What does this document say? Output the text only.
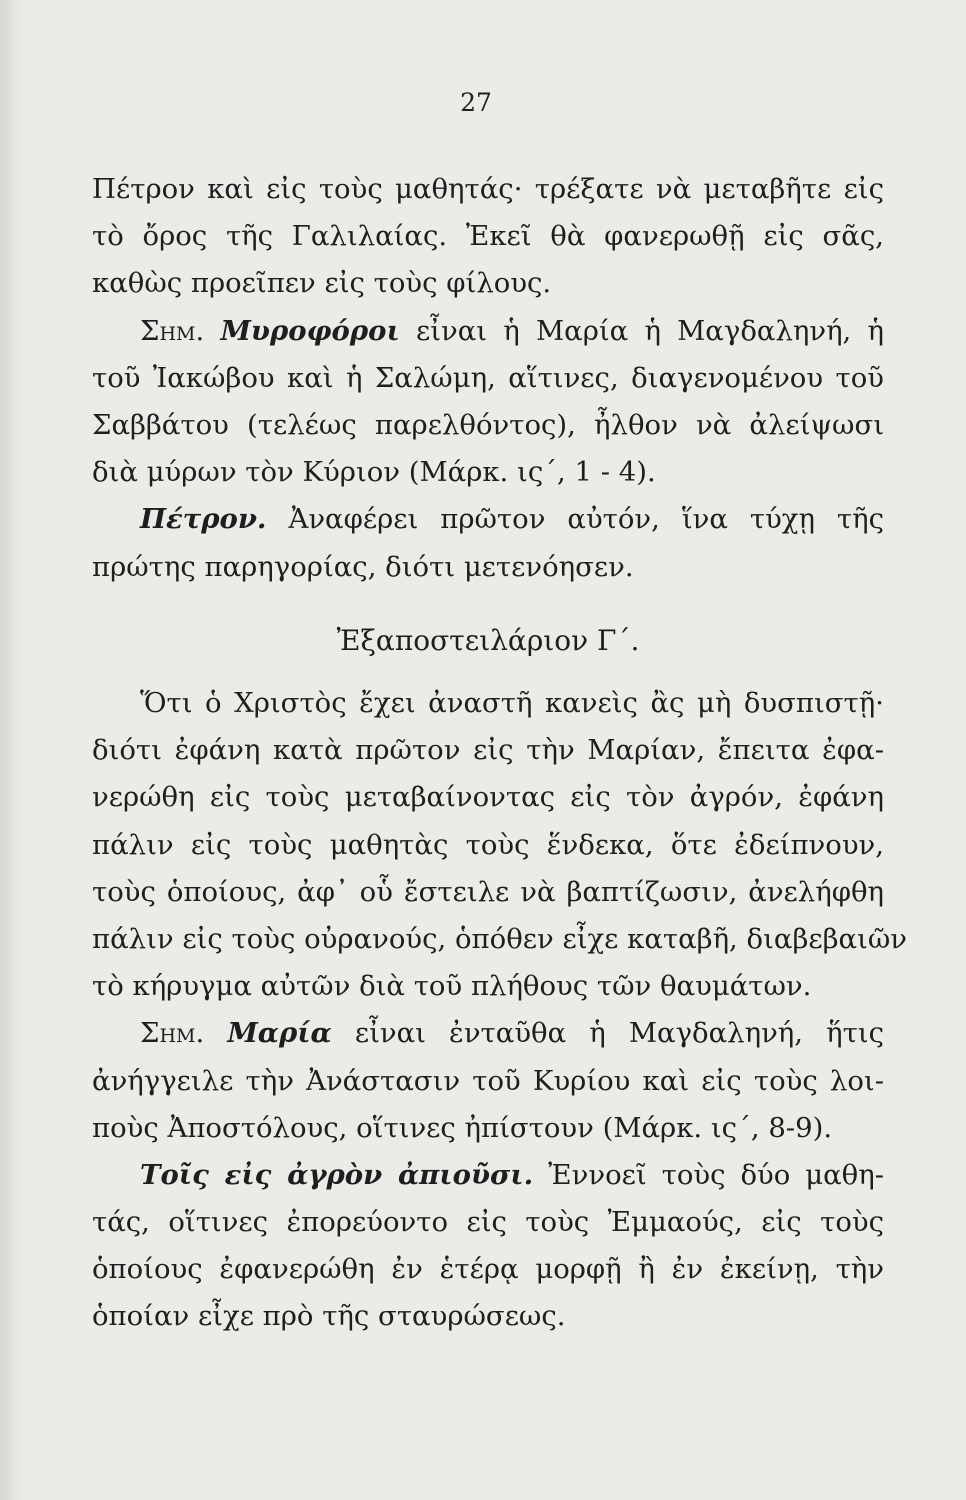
27
Πέτρον καὶ εἰς τοὺς μαθητάς· τρέξατε νὰ μεταβῆτε εἰς
τὸ ὄρος τῆς Γαλιλαίας. Ἐκεῖ θὰ φανερωθῇ εἰς σᾶς,
καθὼς προεῖπεν εἰς τοὺς φίλους.
Σημ. Μυροφόροι εἶναι ἡ Μαρία ἡ Μαγδαληνή, ἡ
τοῦ Ἰακώβου καὶ ἡ Σαλώμη, αἵτινες, διαγενομένου τοῦ
Σαββάτου (τελέως παρελθόντος), ἦλθον νὰ ἀλείψωσι
διὰ μύρων τὸν Κύριον (Μάρκ. ις΄, 1 - 4).
Πέτρον. Ἀναφέρει πρῶτον αὐτόν, ἵνα τύχῃ τῆς
πρώτης παρηγορίας, διότι μετενόησεν.
Ἐξαποστειλάριον Γ΄.
Ὅτι ὁ Χριστὸς ἔχει ἀναστῆ κανεὶς ἂς μὴ δυσπιστῇ·
διότι ἐφάνη κατὰ πρῶτον εἰς τὴν Μαρίαν, ἔπειτα ἐφα-
νερώθη εἰς τοὺς μεταβαίνοντας εἰς τὸν ἀγρόν, ἐφάνη
πάλιν εἰς τοὺς μαθητὰς τοὺς ἕνδεκα, ὅτε ἐδείπνουν,
τοὺς ὁποίους, ἀφ᾽ οὗ ἔστειλε νὰ βαπτίζωσιν, ἀνελήφθη
πάλιν εἰς τοὺς οὐρανούς, ὁπόθεν εἶχε καταβῆ, διαβεβαιῶν
τὸ κήρυγμα αὐτῶν διὰ τοῦ πλήθους τῶν θαυμάτων.
Σημ. Μαρία εἶναι ἐνταῦθα ἡ Μαγδαληνή, ἥτις
ἀνήγγειλε τὴν Ἀνάστασιν τοῦ Κυρίου καὶ εἰς τοὺς λοι-
ποὺς Ἀποστόλους, οἵτινες ἠπίστουν (Μάρκ. ις΄, 8-9).
Τοῖς εἰς ἀγρὸν ἀπιοῦσι. Ἐννοεῖ τοὺς δύο μαθη-
τάς, οἵτινες ἐπορεύοντο εἰς τοὺς Ἐμμαούς, εἰς τοὺς
ὁποίους ἐφανερώθη ἐν ἑτέρᾳ μορφῇ ἢ ἐν ἐκείνῃ, τὴν
ὁποίαν εἶχε πρὸ τῆς σταυρώσεως.
